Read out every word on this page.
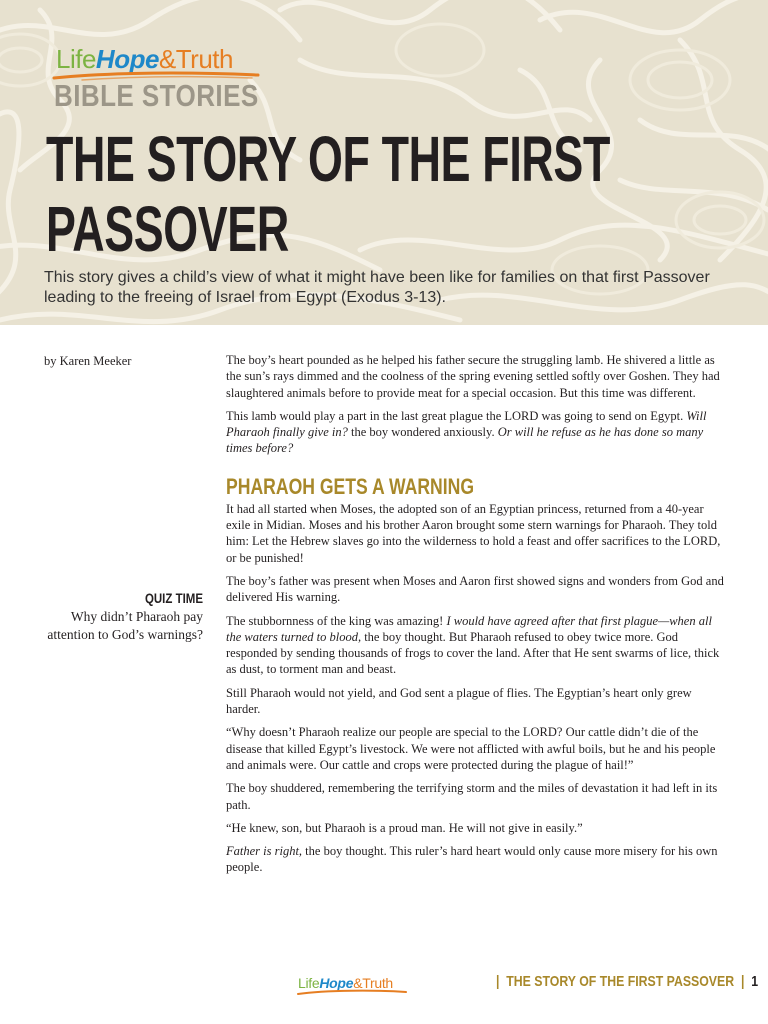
LifeHope&Truth
BIBLE STORIES
THE STORY OF THE FIRST
PASSOVER
This story gives a child’s view of what it might have been like for families on that first Passover leading to the freeing of Israel from Egypt (Exodus 3-13).
by Karen Meeker
QUIZ TIME
Why didn’t Pharaoh pay attention to God’s warnings?

The boy’s heart pounded as he helped his father secure the struggling lamb. He shivered a little as the sun’s rays dimmed and the coolness of the spring evening settled softly over Goshen. They had slaughtered animals before to provide meat for a special occasion. But this time was different.

This lamb would play a part in the last great plague the LORD was going to send on Egypt. Will Pharaoh finally give in? the boy wondered anxiously. Or will he refuse as he has done so many times before?

PHARAOH GETS A WARNING

It had all started when Moses, the adopted son of an Egyptian princess, returned from a 40-year exile in Midian. Moses and his brother Aaron brought some stern warnings for Pharaoh. They told him: Let the Hebrew slaves go into the wilderness to hold a feast and offer sacrifices to the LORD, or be punished!

The boy’s father was present when Moses and Aaron first showed signs and wonders from God and delivered His warning.

The stubbornness of the king was amazing! I would have agreed after that first plague—when all the waters turned to blood, the boy thought. But Pharaoh refused to obey twice more. God responded by sending thousands of frogs to cover the land. After that He sent swarms of lice, thick as dust, to torment man and beast.

Still Pharaoh would not yield, and God sent a plague of flies. The Egyptian’s heart only grew harder.

“Why doesn’t Pharaoh realize our people are special to the LORD? Our cattle didn’t die of the disease that killed Egypt’s livestock. We were not afflicted with awful boils, but he and his people and animals were. Our cattle and crops were protected during the plague of hail!”

The boy shuddered, remembering the terrifying storm and the miles of devastation it had left in its path.

“He knew, son, but Pharaoh is a proud man. He will not give in easily.”

Father is right, the boy thought. This ruler’s hard heart would only cause more misery for his own people.

LifeHope&Truth	| THE STORY OF THE FIRST PASSOVER | 1
